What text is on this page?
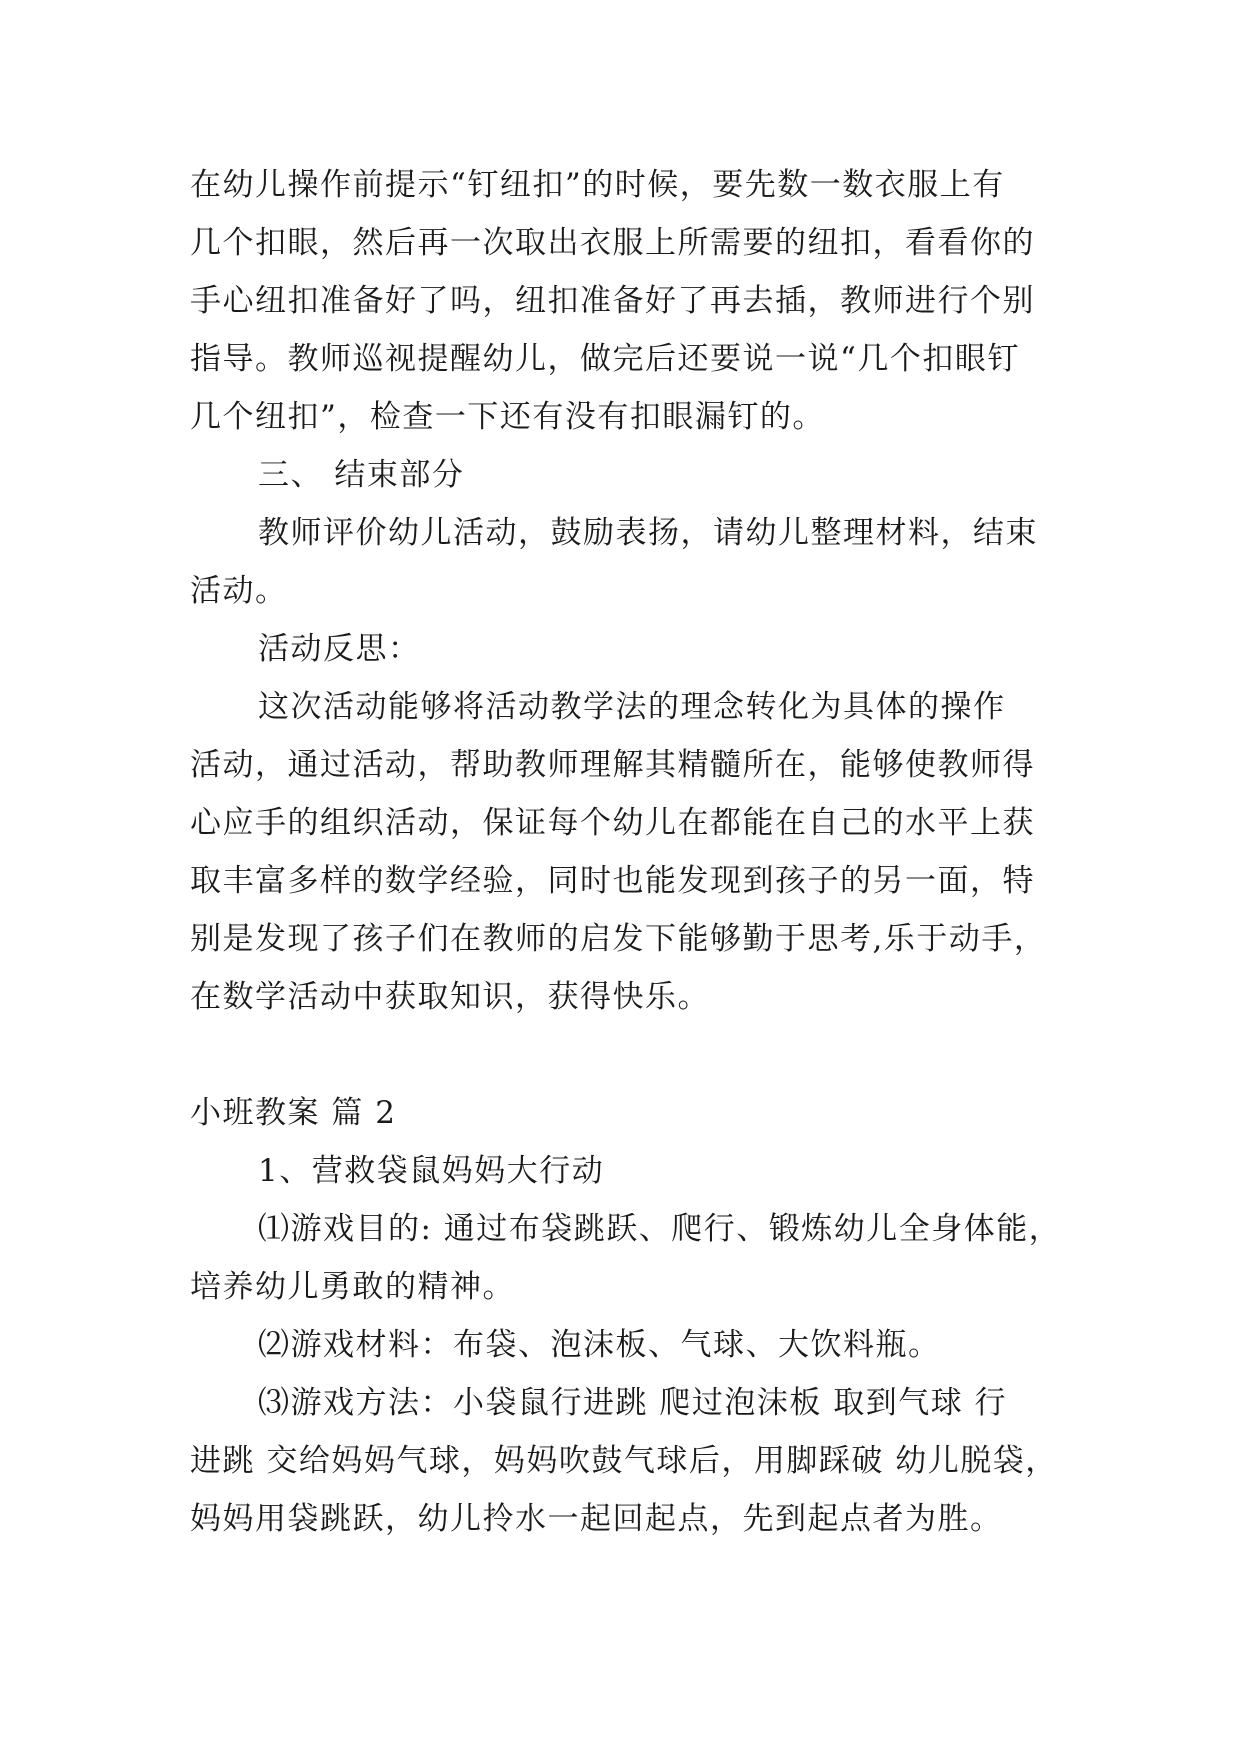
在幼儿操作前提示“钉纽扣”的时候，要先数一数衣服上有
几个扣眼，然后再一次取出衣服上所需要的纽扣，看看你的
手心纽扣准备好了吗，纽扣准备好了再去插，教师进行个别
指导。教师巡视提醒幼儿，做完后还要说一说“几个扣眼钉
几个纽扣”，检查一下还有没有扣眼漏钉的。
三、 结束部分
教师评价幼儿活动，鼓励表扬，请幼儿整理材料，结束
活动。
活动反思：
这次活动能够将活动教学法的理念转化为具体的操作
活动，通过活动，帮助教师理解其精髓所在，能够使教师得
心应手的组织活动，保证每个幼儿在都能在自己的水平上获
取丰富多样的数学经验，同时也能发现到孩子的另一面，特
别是发现了孩子们在教师的启发下能够勤于思考,乐于动手，
在数学活动中获取知识，获得快乐。
小班教案 篇 2
1、营救袋鼠妈妈大行动
⑴游戏目的: 通过布袋跳跃、爬行、锻炼幼儿全身体能，
培养幼儿勇敢的精神。
⑵游戏材料：布袋、泡沫板、气球、大饮料瓶。
⑶游戏方法：小袋鼠行进跳 爬过泡沫板 取到气球 行
进跳 交给妈妈气球，妈妈吹鼓气球后，用脚踩破 幼儿脱袋，
妈妈用袋跳跃，幼儿拎水一起回起点，先到起点者为胜。
